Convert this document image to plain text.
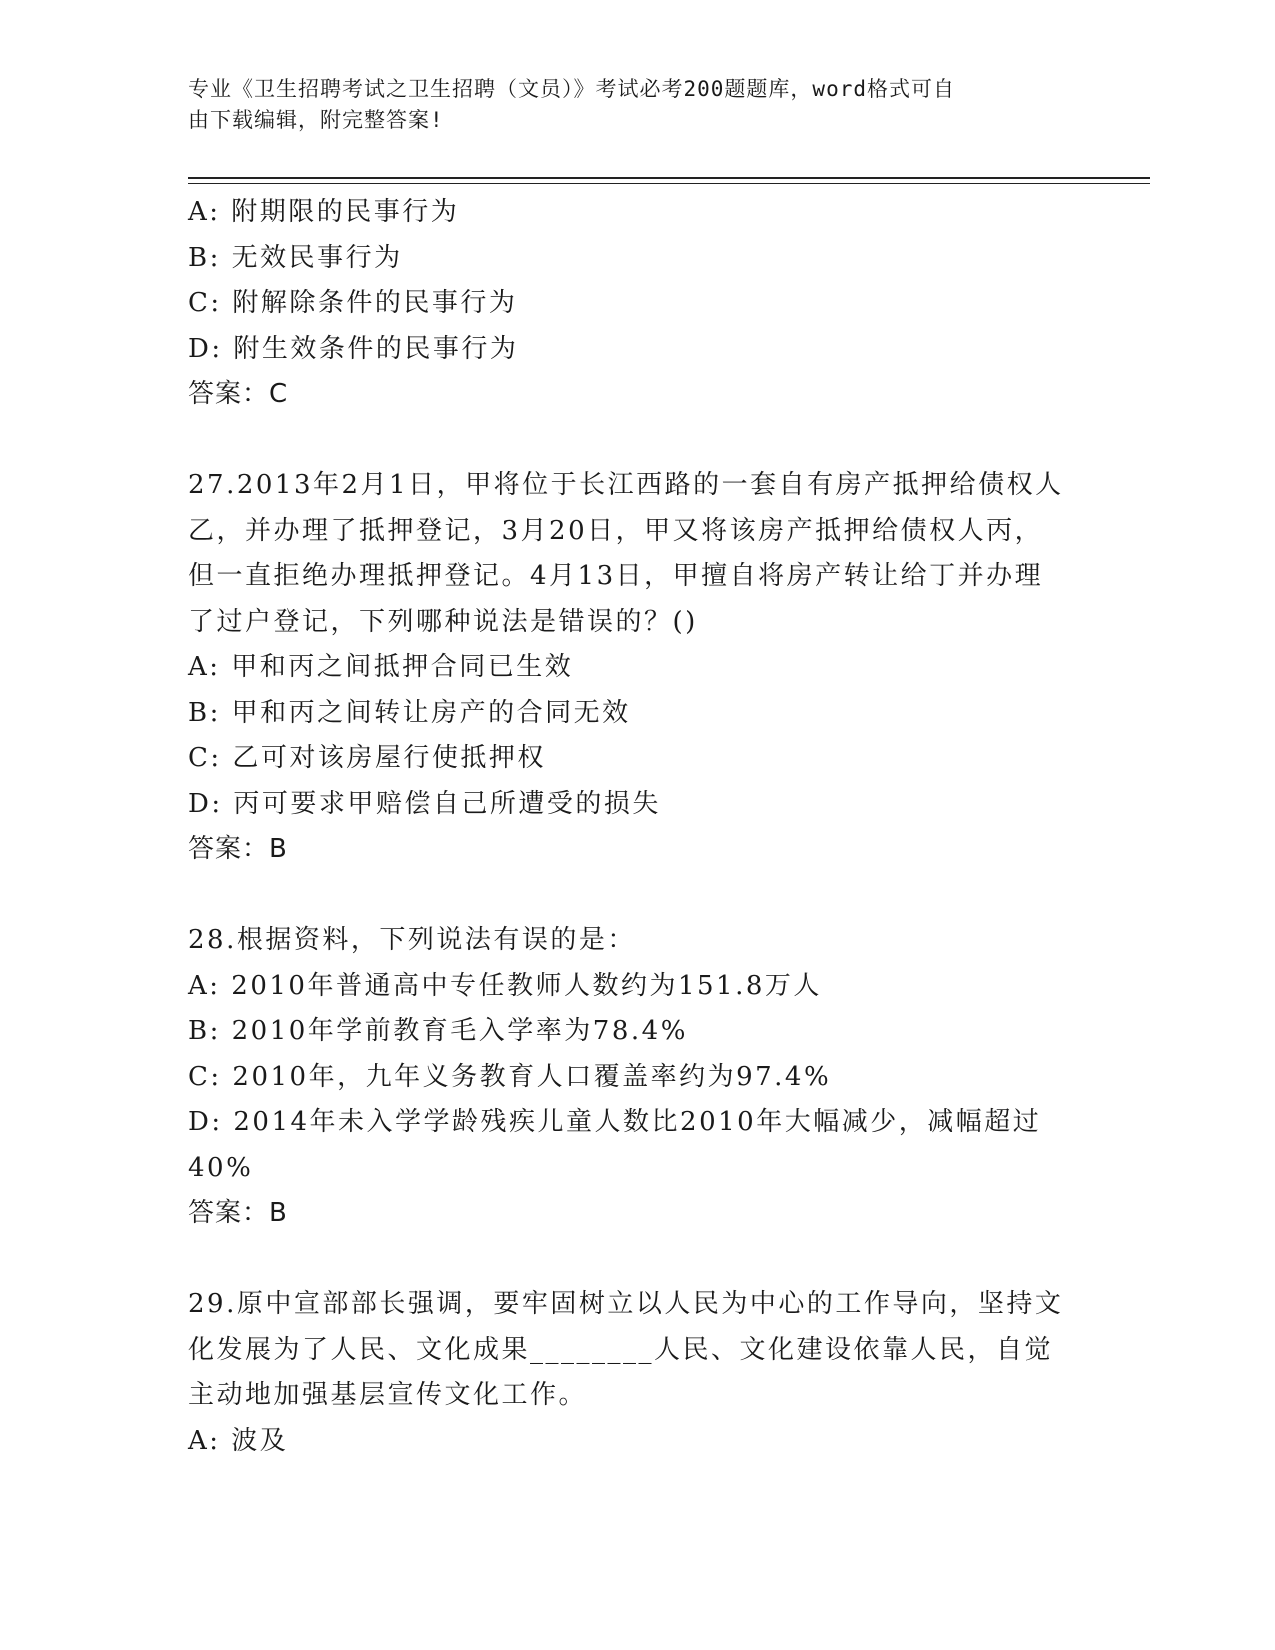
专业《卫生招聘考试之卫生招聘（文员）》考试必考200题题库，word格式可自
由下载编辑，附完整答案!
A: 附期限的民事行为
B: 无效民事行为
C: 附解除条件的民事行为
D: 附生效条件的民事行为
答案：C
27.2013年2月1日，甲将位于长江西路的一套自有房产抵押给债权人
乙，并办理了抵押登记，3月20日，甲又将该房产抵押给债权人丙，
但一直拒绝办理抵押登记。4月13日，甲擅自将房产转让给丁并办理
了过户登记，下列哪种说法是错误的？()
A: 甲和丙之间抵押合同已生效
B: 甲和丙之间转让房产的合同无效
C: 乙可对该房屋行使抵押权
D: 丙可要求甲赔偿自己所遭受的损失
答案：B
28.根据资料，下列说法有误的是：
A: 2010年普通高中专任教师人数约为151.8万人
B: 2010年学前教育毛入学率为78.4%
C: 2010年，九年义务教育人口覆盖率约为97.4%
D: 2014年未入学学龄残疾儿童人数比2010年大幅减少，减幅超过
40%
答案：B
29.原中宣部部长强调，要牢固树立以人民为中心的工作导向，坚持文
化发展为了人民、文化成果________人民、文化建设依靠人民，自觉
主动地加强基层宣传文化工作。
A: 波及
